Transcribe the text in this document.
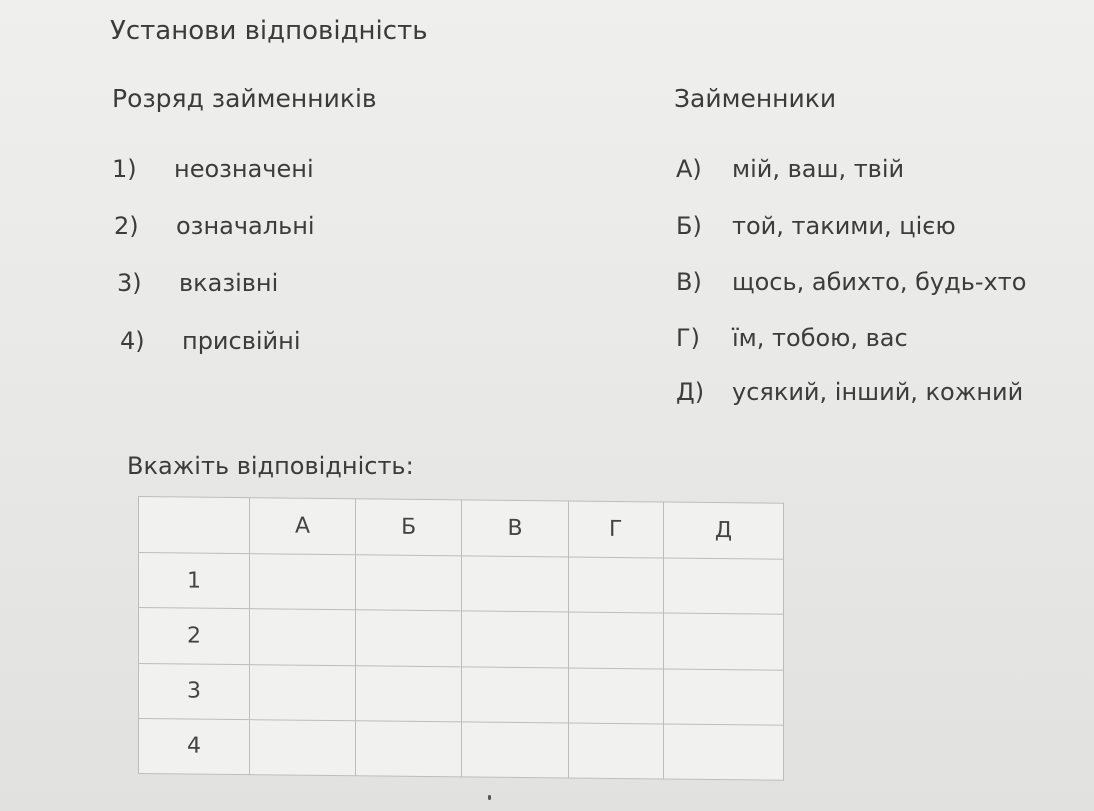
Установи відповідність
Розряд займенників	Займенники
1) неозначені
2) означальні
3) вказівні
4) присвійні
А) мій, ваш, твій
Б) той, такими, цією
В) щось, абихто, будь-хто
Г) їм, тобою, вас
Д) усякий, інший, кожний
Вкажіть відповідність:
	А	Б	В	Г	Д
1					
2					
3					
4					
